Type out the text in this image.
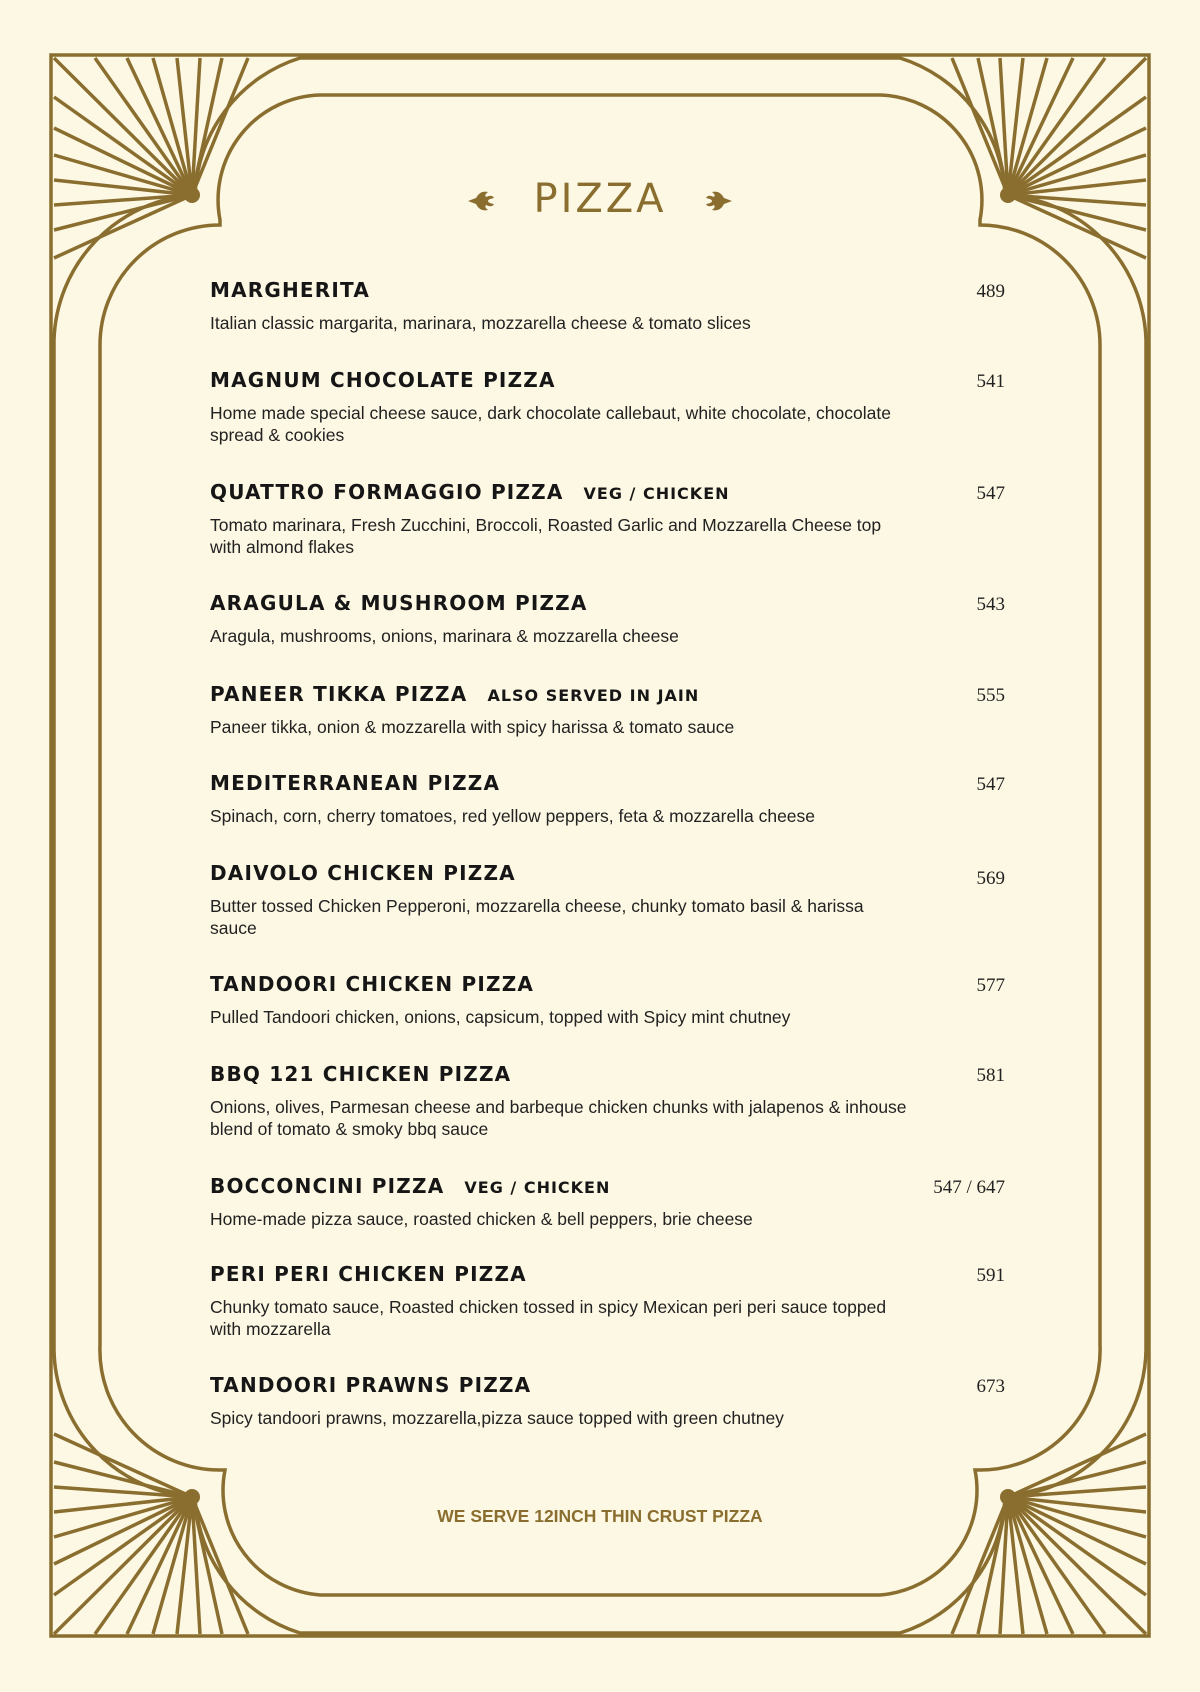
PIZZA
MARGHERITA	489
Italian classic margarita, marinara, mozzarella cheese & tomato slices
MAGNUM CHOCOLATE PIZZA	541
Home made special cheese sauce, dark chocolate callebaut, white chocolate, chocolate spread & cookies
QUATTRO FORMAGGIO PIZZA VEG / CHICKEN	547
Tomato marinara, Fresh Zucchini, Broccoli, Roasted Garlic and Mozzarella Cheese top with almond flakes
ARAGULA & MUSHROOM PIZZA	543
Aragula, mushrooms, onions, marinara & mozzarella cheese
PANEER TIKKA PIZZA ALSO SERVED IN JAIN	555
Paneer tikka, onion & mozzarella with spicy harissa & tomato sauce
MEDITERRANEAN PIZZA	547
Spinach, corn, cherry tomatoes, red yellow peppers, feta & mozzarella cheese
DAIVOLO CHICKEN PIZZA	569
Butter tossed Chicken Pepperoni, mozzarella cheese, chunky tomato basil & harissa sauce
TANDOORI CHICKEN PIZZA	577
Pulled Tandoori chicken, onions, capsicum, topped with Spicy mint chutney
BBQ 121 CHICKEN PIZZA	581
Onions, olives, Parmesan cheese and barbeque chicken chunks with jalapenos & inhouse blend of tomato & smoky bbq sauce
BOCCONCINI PIZZA VEG / CHICKEN	547 / 647
Home-made pizza sauce, roasted chicken & bell peppers, brie cheese
PERI PERI CHICKEN PIZZA	591
Chunky tomato sauce, Roasted chicken tossed in spicy Mexican peri peri sauce topped with mozzarella
TANDOORI PRAWNS PIZZA	673
Spicy tandoori prawns, mozzarella,pizza sauce topped with green chutney
WE SERVE 12INCH THIN CRUST PIZZA
